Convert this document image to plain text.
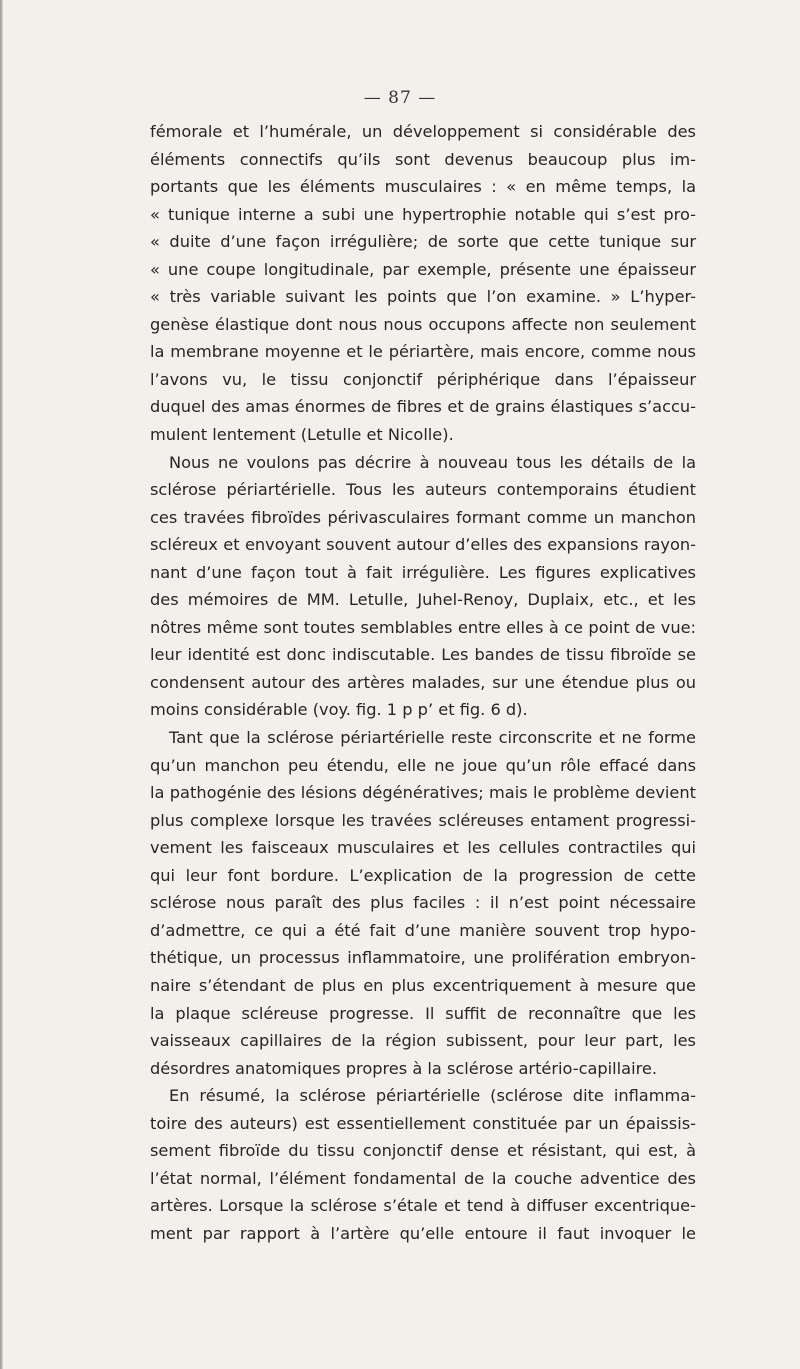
— 87 —
fémorale et l’humérale, un développement si considérable des
éléments connectifs qu’ils sont devenus beaucoup plus im-
portants que les éléments musculaires : « en même temps, la
« tunique interne a subi une hypertrophie notable qui s’est pro-
« duite d’une façon irrégulière; de sorte que cette tunique sur
« une coupe longitudinale, par exemple, présente une épaisseur
« très variable suivant les points que l’on examine. » L’hyper-
genèse élastique dont nous nous occupons affecte non seulement
la membrane moyenne et le périartère, mais encore, comme nous
l’avons vu, le tissu conjonctif périphérique dans l’épaisseur
duquel des amas énormes de fibres et de grains élastiques s’accu-
mulent lentement (Letulle et Nicolle).
Nous ne voulons pas décrire à nouveau tous les détails de la
sclérose périartérielle. Tous les auteurs contemporains étudient
ces travées fibroïdes périvasculaires formant comme un manchon
scléreux et envoyant souvent autour d’elles des expansions rayon-
nant d’une façon tout à fait irrégulière. Les figures explicatives
des mémoires de MM. Letulle, Juhel-Renoy, Duplaix, etc., et les
nôtres même sont toutes semblables entre elles à ce point de vue:
leur identité est donc indiscutable. Les bandes de tissu fibroïde se
condensent autour des artères malades, sur une étendue plus ou
moins considérable (voy. fig. 1 p p’ et fig. 6 d).
Tant que la sclérose périartérielle reste circonscrite et ne forme
qu’un manchon peu étendu, elle ne joue qu’un rôle effacé dans
la pathogénie des lésions dégénératives; mais le problème devient
plus complexe lorsque les travées scléreuses entament progressi-
vement les faisceaux musculaires et les cellules contractiles qui
qui leur font bordure. L’explication de la progression de cette
sclérose nous paraît des plus faciles : il n’est point nécessaire
d’admettre, ce qui a été fait d’une manière souvent trop hypo-
thétique, un processus inflammatoire, une prolifération embryon-
naire s’étendant de plus en plus excentriquement à mesure que
la plaque scléreuse progresse. Il suffit de reconnaître que les
vaisseaux capillaires de la région subissent, pour leur part, les
désordres anatomiques propres à la sclérose artério-capillaire.
En résumé, la sclérose périartérielle (sclérose dite inflamma-
toire des auteurs) est essentiellement constituée par un épaissis-
sement fibroïde du tissu conjonctif dense et résistant, qui est, à
l’état normal, l’élément fondamental de la couche adventice des
artères. Lorsque la sclérose s’étale et tend à diffuser excentrique-
ment par rapport à l’artère qu’elle entoure il faut invoquer le
